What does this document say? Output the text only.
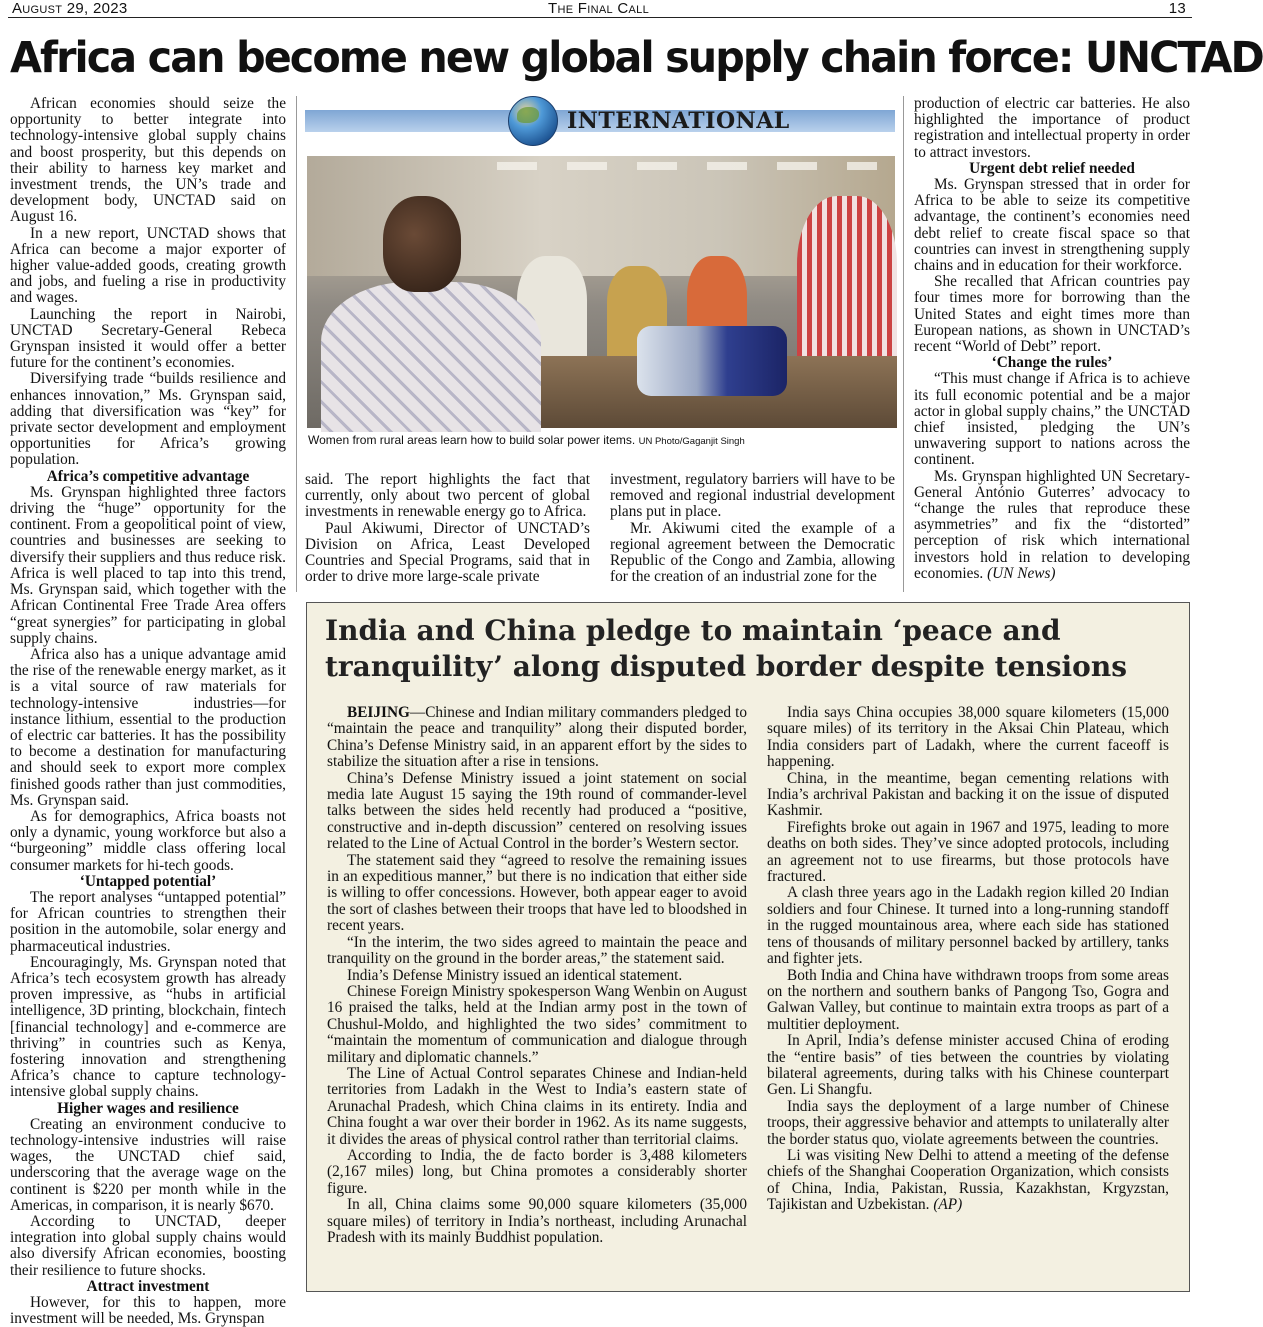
August 29, 2023	The Final Call	13
Africa can become new global supply chain force: UNCTAD

African economies should seize the opportunity to better integrate into technology-intensive global supply chains and boost prosperity, but this depends on their ability to harness key market and investment trends, the UN’s trade and development body, UNCTAD said on August 16.

In a new report, UNCTAD shows that Africa can become a major exporter of higher value-added goods, creating growth and jobs, and fueling a rise in productivity and wages.

Launching the report in Nairobi, UNCTAD Secretary-General Rebeca Grynspan insisted it would offer a better future for the continent’s economies.

Diversifying trade “builds resilience and enhances innovation,” Ms. Grynspan said, adding that diversification was “key” for private sector development and employment opportunities for Africa’s growing population.

Africa’s competitive advantage

Ms. Grynspan highlighted three factors driving the “huge” opportunity for the continent. From a geopolitical point of view, countries and businesses are seeking to diversify their suppliers and thus reduce risk. Africa is well placed to tap into this trend, Ms. Grynspan said, which together with the African Continental Free Trade Area offers “great synergies” for participating in global supply chains.

Africa also has a unique advantage amid the rise of the renewable energy market, as it is a vital source of raw materials for technology-intensive industries—for instance lithium, essential to the production of electric car batteries. It has the possibility to become a destination for manufacturing and should seek to export more complex finished goods rather than just commodities, Ms. Grynspan said.

As for demographics, Africa boasts not only a dynamic, young workforce but also a “burgeoning” middle class offering local consumer markets for hi-tech goods.

‘Untapped potential’

The report analyses “untapped potential” for African countries to strengthen their position in the automobile, solar energy and pharmaceutical industries.

Encouragingly, Ms. Grynspan noted that Africa’s tech ecosystem growth has already proven impressive, as “hubs in artificial intelligence, 3D printing, blockchain, fintech [financial technology] and e-commerce are thriving” in countries such as Kenya, fostering innovation and strengthening Africa’s chance to capture technology-intensive global supply chains.

Higher wages and resilience

Creating an environment conducive to technology-intensive industries will raise wages, the UNCTAD chief said, underscoring that the average wage on the continent is $220 per month while in the Americas, in comparison, it is nearly $670.

According to UNCTAD, deeper integration into global supply chains would also diversify African economies, boosting their resilience to future shocks.

Attract investment

However, for this to happen, more investment will be needed, Ms. Grynspan

INTERNATIONAL
Women from rural areas learn how to build solar power items. UN Photo/Gaganjit Singh

said. The report highlights the fact that currently, only about two percent of global investments in renewable energy go to Africa.

Paul Akiwumi, Director of UNCTAD’s Division on Africa, Least Developed Countries and Special Programs, said that in order to drive more large-scale private

investment, regulatory barriers will have to be removed and regional industrial development plans put in place.

Mr. Akiwumi cited the example of a regional agreement between the Democratic Republic of the Congo and Zambia, allowing for the creation of an industrial zone for the

production of electric car batteries. He also highlighted the importance of product registration and intellectual property in order to attract investors.

Urgent debt relief needed

Ms. Grynspan stressed that in order for Africa to be able to seize its competitive advantage, the continent’s economies need debt relief to create fiscal space so that countries can invest in strengthening supply chains and in education for their workforce.

She recalled that African countries pay four times more for borrowing than the United States and eight times more than European nations, as shown in UNCTAD’s recent “World of Debt” report.

‘Change the rules’

“This must change if Africa is to achieve its full economic potential and be a major actor in global supply chains,” the UNCTAD chief insisted, pledging the UN’s unwavering support to nations across the continent.

Ms. Grynspan highlighted UN Secretary-General António Guterres’ advocacy to “change the rules that reproduce these asymmetries” and fix the “distorted” perception of risk which international investors hold in relation to developing economies. (UN News)

India and China pledge to maintain ‘peace and tranquility’ along disputed border despite tensions

BEIJING—Chinese and Indian military commanders pledged to “maintain the peace and tranquility” along their disputed border, China’s Defense Ministry said, in an apparent effort by the sides to stabilize the situation after a rise in tensions.

China’s Defense Ministry issued a joint statement on social media late August 15 saying the 19th round of commander-level talks between the sides held recently had produced a “positive, constructive and in-depth discussion” centered on resolving issues related to the Line of Actual Control in the border’s Western sector.

The statement said they “agreed to resolve the remaining issues in an expeditious manner,” but there is no indication that either side is willing to offer concessions. However, both appear eager to avoid the sort of clashes between their troops that have led to bloodshed in recent years.

“In the interim, the two sides agreed to maintain the peace and tranquility on the ground in the border areas,” the statement said.

India’s Defense Ministry issued an identical statement.

Chinese Foreign Ministry spokesperson Wang Wenbin on August 16 praised the talks, held at the Indian army post in the town of Chushul-Moldo, and highlighted the two sides’ commitment to “maintain the momentum of communication and dialogue through military and diplomatic channels.”

The Line of Actual Control separates Chinese and Indian-held territories from Ladakh in the West to India’s eastern state of Arunachal Pradesh, which China claims in its entirety. India and China fought a war over their border in 1962. As its name suggests, it divides the areas of physical control rather than territorial claims.

According to India, the de facto border is 3,488 kilometers (2,167 miles) long, but China promotes a considerably shorter figure.

In all, China claims some 90,000 square kilometers (35,000 square miles) of territory in India’s northeast, including Arunachal Pradesh with its mainly Buddhist population.

India says China occupies 38,000 square kilometers (15,000 square miles) of its territory in the Aksai Chin Plateau, which India considers part of Ladakh, where the current faceoff is happening.

China, in the meantime, began cementing relations with India’s archrival Pakistan and backing it on the issue of disputed Kashmir.

Firefights broke out again in 1967 and 1975, leading to more deaths on both sides. They’ve since adopted protocols, including an agreement not to use firearms, but those protocols have fractured.

A clash three years ago in the Ladakh region killed 20 Indian soldiers and four Chinese. It turned into a long-running standoff in the rugged mountainous area, where each side has stationed tens of thousands of military personnel backed by artillery, tanks and fighter jets.

Both India and China have withdrawn troops from some areas on the northern and southern banks of Pangong Tso, Gogra and Galwan Valley, but continue to maintain extra troops as part of a multitier deployment.

In April, India’s defense minister accused China of eroding the “entire basis” of ties between the countries by violating bilateral agreements, during talks with his Chinese counterpart Gen. Li Shangfu.

India says the deployment of a large number of Chinese troops, their aggressive behavior and attempts to unilaterally alter the border status quo, violate agreements between the countries.

Li was visiting New Delhi to attend a meeting of the defense chiefs of the Shanghai Cooperation Organization, which consists of China, India, Pakistan, Russia, Kazakhstan, Krgyzstan, Tajikistan and Uzbekistan. (AP)
